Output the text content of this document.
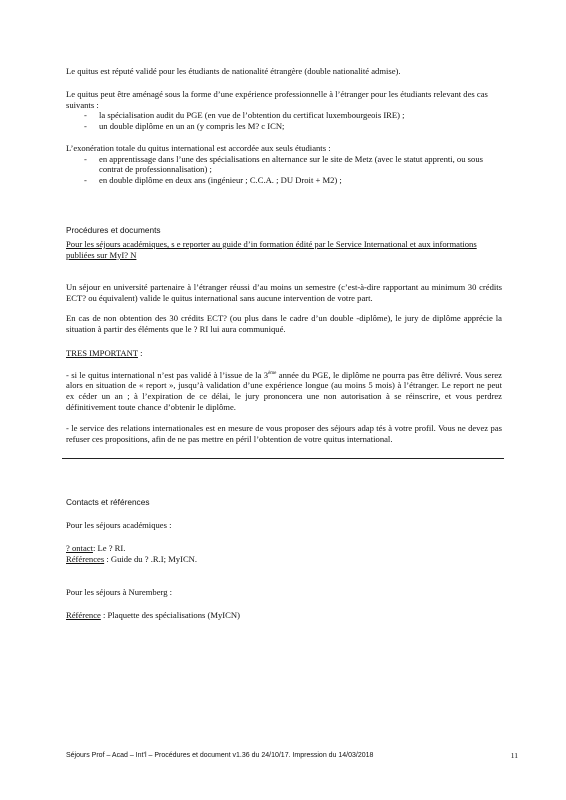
Le quitus est réputé validé pour les étudiants de nationalité étrangère (double nationalité admise).

Le quitus peut être aménagé sous la forme d’une expérience professionnelle à l’étranger pour les étudiants relevant des cas suivants :
- la spécialisation audit du PGE (en vue de l’obtention du certificat luxembourgeois IRE) ;
- un double diplôme en un an (y compris les M? c ICN;
L’exonération totale du quitus international est accordée aux seuls étudiants :
- en apprentissage dans l’une des spécialisations en alternance sur le site de Metz (avec le statut apprenti, ou sous contrat de professionnalisation) ;
- en double diplôme en deux ans (ingénieur ; C.C.A. ; DU Droit + M2) ;
Procédures et documents
Pour les séjours académiques, s e reporter au guide d’in formation édité par le Service International et aux informations publiées sur MyI? N

Un séjour en université partenaire à l’étranger réussi d’au moins un semestre (c’est-à-dire rapportant au minimum 30 crédits ECT? ou équivalent) valide le quitus international sans aucune intervention de votre part.

En cas de non obtention des 30 crédits ECT? (ou plus dans le cadre d’un double -diplôme), le jury de diplôme apprécie la situation à partir des éléments que le ? RI lui aura communiqué.

TRES IMPORTANT :

- si le quitus international n’est pas validé à l’issue de la 3ème année du PGE, le diplôme ne pourra pas être délivré. Vous serez alors en situation de « report », jusqu’à validation d’une expérience longue (au moins 5 mois) à l’étranger. Le report ne peut ex céder un an ; à l’expiration de ce délai, le jury prononcera une non autorisation à se réinscrire, et vous perdrez définitivement toute chance d’obtenir le diplôme.

- le service des relations internationales est en mesure de vous proposer des séjours adap tés à votre profil. Vous ne devez pas refuser ces propositions, afin de ne pas mettre en péril l’obtention de votre quitus international.

Contacts et références
Pour les séjours académiques :
? ontact: Le ? RI.
Références : Guide du ? .R.I; MyICN.
Pour les séjours à Nuremberg :
Référence : Plaquette des spécialisations (MyICN)
Séjours Prof – Acad – Int’l – Procédures et document v1.36 du 24/10/17. Impression du 14/03/2018	11
